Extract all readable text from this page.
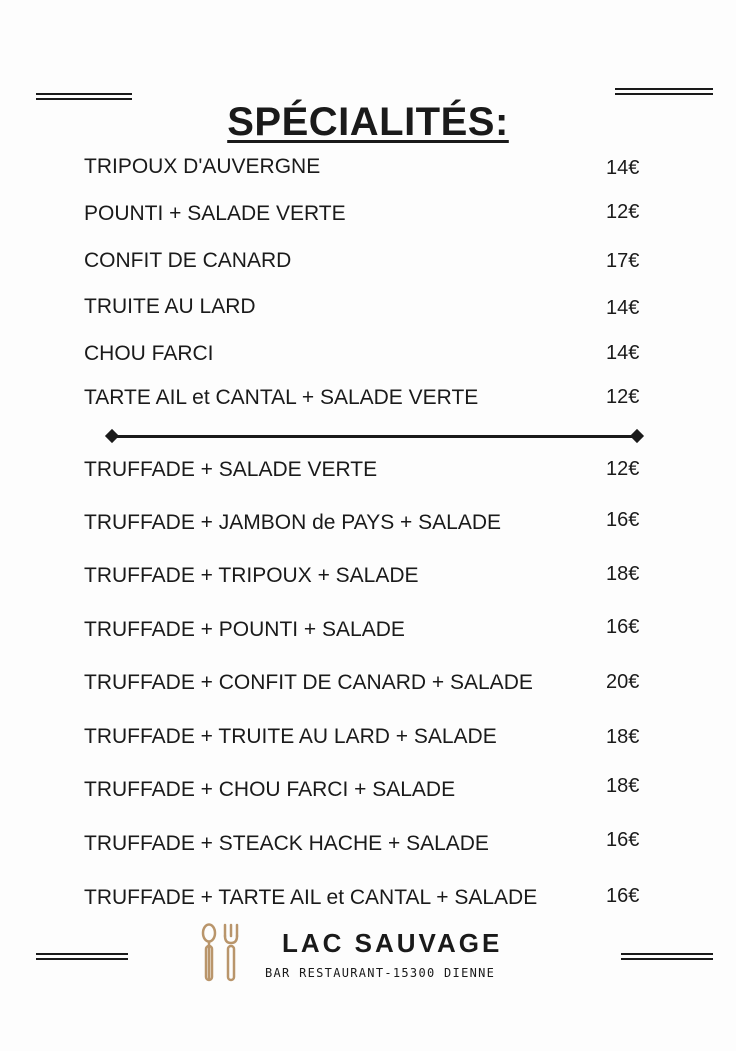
SPÉCIALITÉS:
TRIPOUX D'AUVERGNE	14€
POUNTI + SALADE VERTE	12€
CONFIT DE CANARD	17€
TRUITE AU LARD	14€
CHOU FARCI	14€
TARTE AIL et CANTAL + SALADE VERTE	12€
TRUFFADE + SALADE VERTE	12€
TRUFFADE + JAMBON de PAYS + SALADE	16€
TRUFFADE + TRIPOUX + SALADE	18€
TRUFFADE + POUNTI + SALADE	16€
TRUFFADE + CONFIT DE CANARD + SALADE	20€
TRUFFADE + TRUITE AU LARD + SALADE	18€
TRUFFADE + CHOU FARCI + SALADE	18€
TRUFFADE + STEACK HACHE + SALADE	16€
TRUFFADE + TARTE AIL et CANTAL + SALADE	16€
LAC SAUVAGE
BAR RESTAURANT-15300 DIENNE
